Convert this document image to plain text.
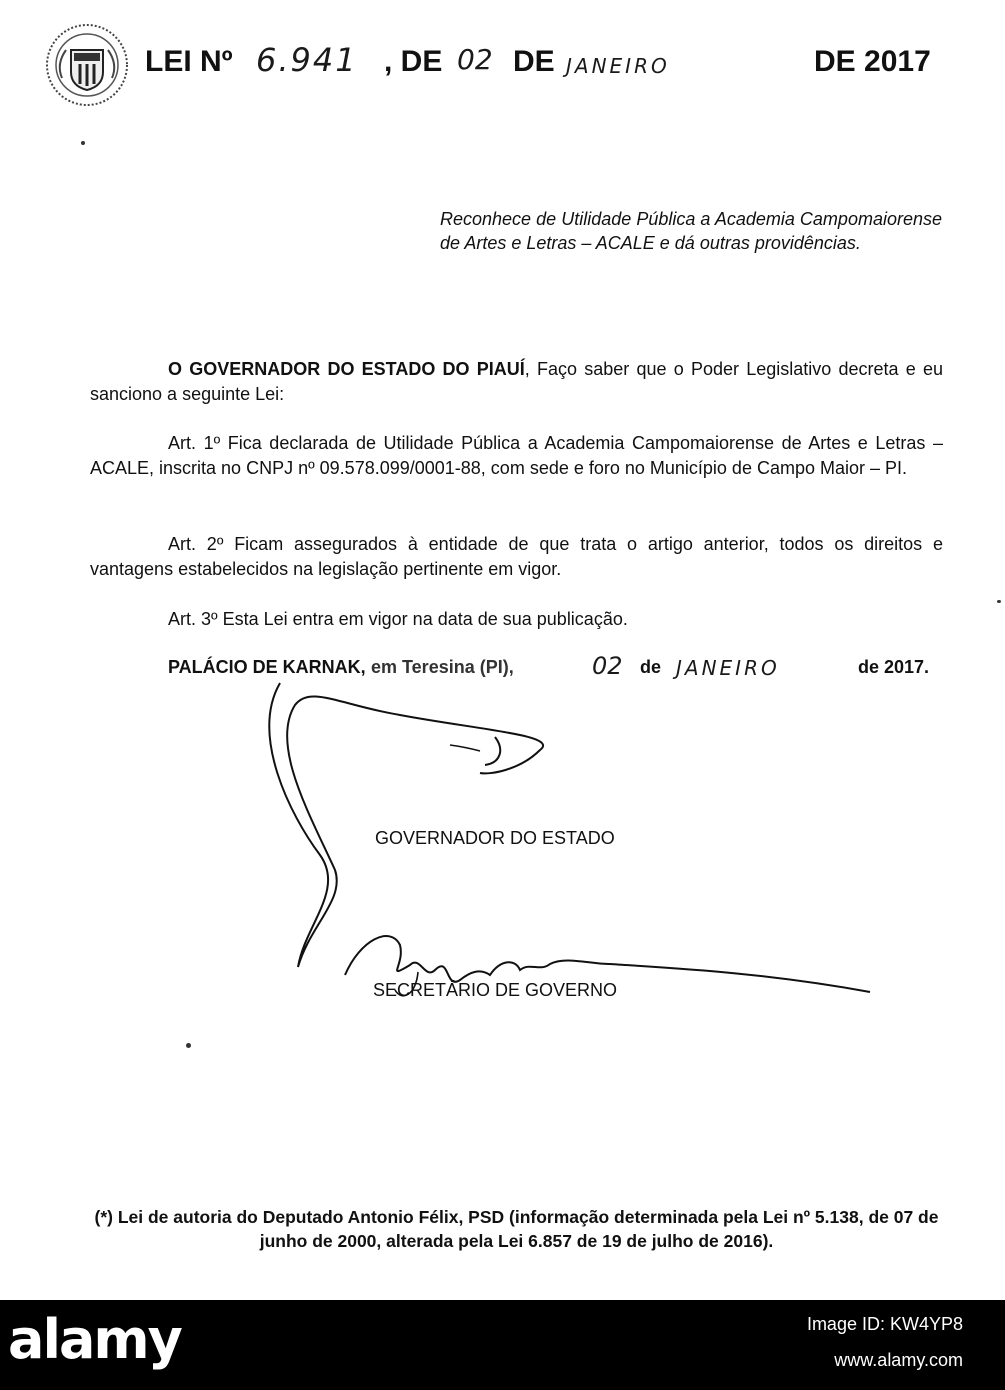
LEI Nº 6.941 , DE 02 DE JANEIRO	DE 2017
Reconhece de Utilidade Pública a Academia Campomaiorense de Artes e Letras – ACALE e dá outras providências.
O GOVERNADOR DO ESTADO DO PIAUÍ, Faço saber que o Poder Legislativo decreta e eu sanciono a seguinte Lei:
Art. 1º Fica declarada de Utilidade Pública a Academia Campomaiorense de Artes e Letras – ACALE, inscrita no CNPJ nº 09.578.099/0001-88, com sede e foro no Município de Campo Maior – PI.
Art. 2º Ficam assegurados à entidade de que trata o artigo anterior, todos os direitos e vantagens estabelecidos na legislação pertinente em vigor.
Art. 3º Esta Lei entra em vigor na data de sua publicação.
PALÁCIO DE KARNAK, em Teresina (PI),	02 de JANEIRO	de 2017.
GOVERNADOR DO ESTADO
SECRETÁRIO DE GOVERNO
(*) Lei de autoria do Deputado Antonio Félix, PSD (informação determinada pela Lei nº 5.138, de 07 de junho de 2000, alterada pela Lei 6.857 de 19 de julho de 2016).
alamy	Image ID: KW4YP8
www.alamy.com
